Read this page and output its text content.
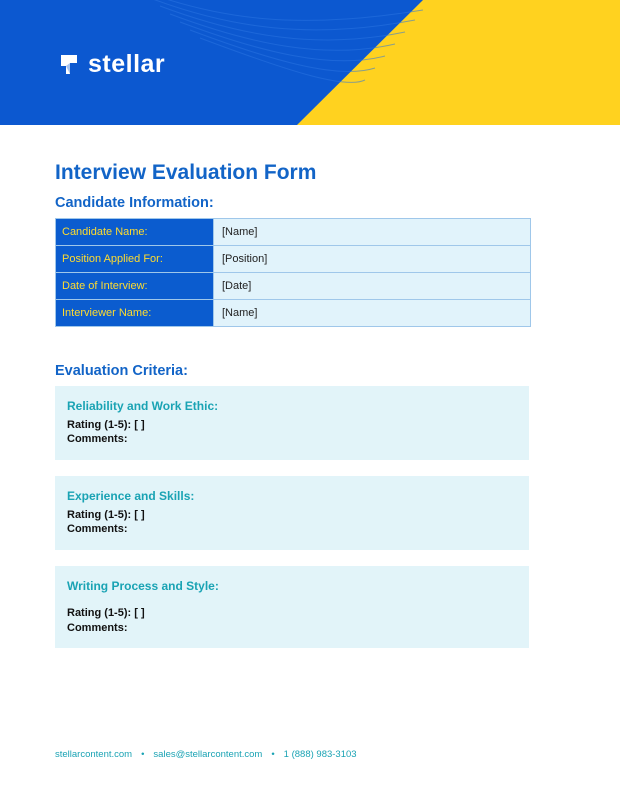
stellar
Interview Evaluation Form
Candidate Information:
Candidate Name:	[Name]
Position Applied For:	[Position]
Date of Interview:	[Date]
Interviewer Name:	[Name]
Evaluation Criteria:
Reliability and Work Ethic:
Rating (1-5): [ ]
Comments:
Experience and Skills:
Rating (1-5): [ ]
Comments:
Writing Process and Style:
Rating (1-5): [ ]
Comments:
stellarcontent.com • sales@stellarcontent.com • 1 (888) 983-3103
